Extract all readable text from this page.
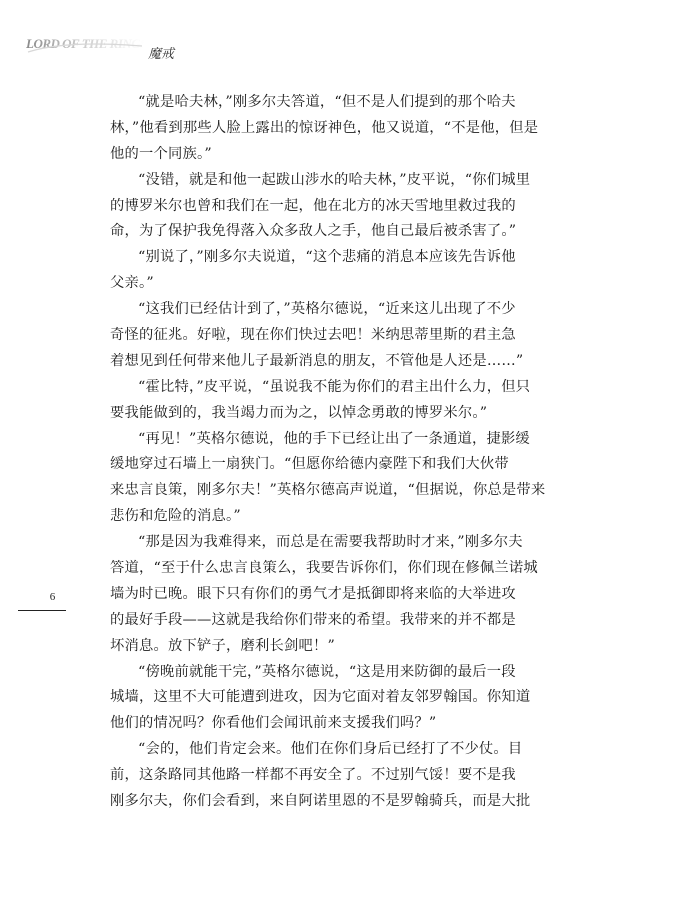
LORD OF THE RINGS
魔戒
6
“就是哈夫林，”刚多尔夫答道，“但不是人们提到的那个哈夫
林，”他看到那些人脸上露出的惊讶神色，他又说道，“不是他，但是
他的一个同族。”
“没错，就是和他一起跋山涉水的哈夫林，”皮平说，“你们城里
的博罗米尔也曾和我们在一起，他在北方的冰天雪地里救过我的
命，为了保护我免得落入众多敌人之手，他自己最后被杀害了。”
“别说了，”刚多尔夫说道，“这个悲痛的消息本应该先告诉他
父亲。”
“这我们已经估计到了，”英格尔德说，“近来这儿出现了不少
奇怪的征兆。好啦，现在你们快过去吧！米纳思蒂里斯的君主急
着想见到任何带来他儿子最新消息的朋友，不管他是人还是……”
“霍比特，”皮平说，“虽说我不能为你们的君主出什么力，但只
要我能做到的，我当竭力而为之，以悼念勇敢的博罗米尔。”
“再见！”英格尔德说，他的手下已经让出了一条通道，捷影缓
缓地穿过石墙上一扇狭门。“但愿你给德内豪陛下和我们大伙带
来忠言良策，刚多尔夫！”英格尔德高声说道，“但据说，你总是带来
悲伤和危险的消息。”
“那是因为我难得来，而总是在需要我帮助时才来，”刚多尔夫
答道，“至于什么忠言良策么，我要告诉你们，你们现在修佩兰诺城
墙为时已晚。眼下只有你们的勇气才是抵御即将来临的大举进攻
的最好手段——这就是我给你们带来的希望。我带来的并不都是
坏消息。放下铲子，磨利长剑吧！”
“傍晚前就能干完，”英格尔德说，“这是用来防御的最后一段
城墙，这里不大可能遭到进攻，因为它面对着友邻罗翰国。你知道
他们的情况吗？你看他们会闻讯前来支援我们吗？”
“会的，他们肯定会来。他们在你们身后已经打了不少仗。目
前，这条路同其他路一样都不再安全了。不过别气馁！要不是我
刚多尔夫，你们会看到，来自阿诺里恩的不是罗翰骑兵，而是大批
